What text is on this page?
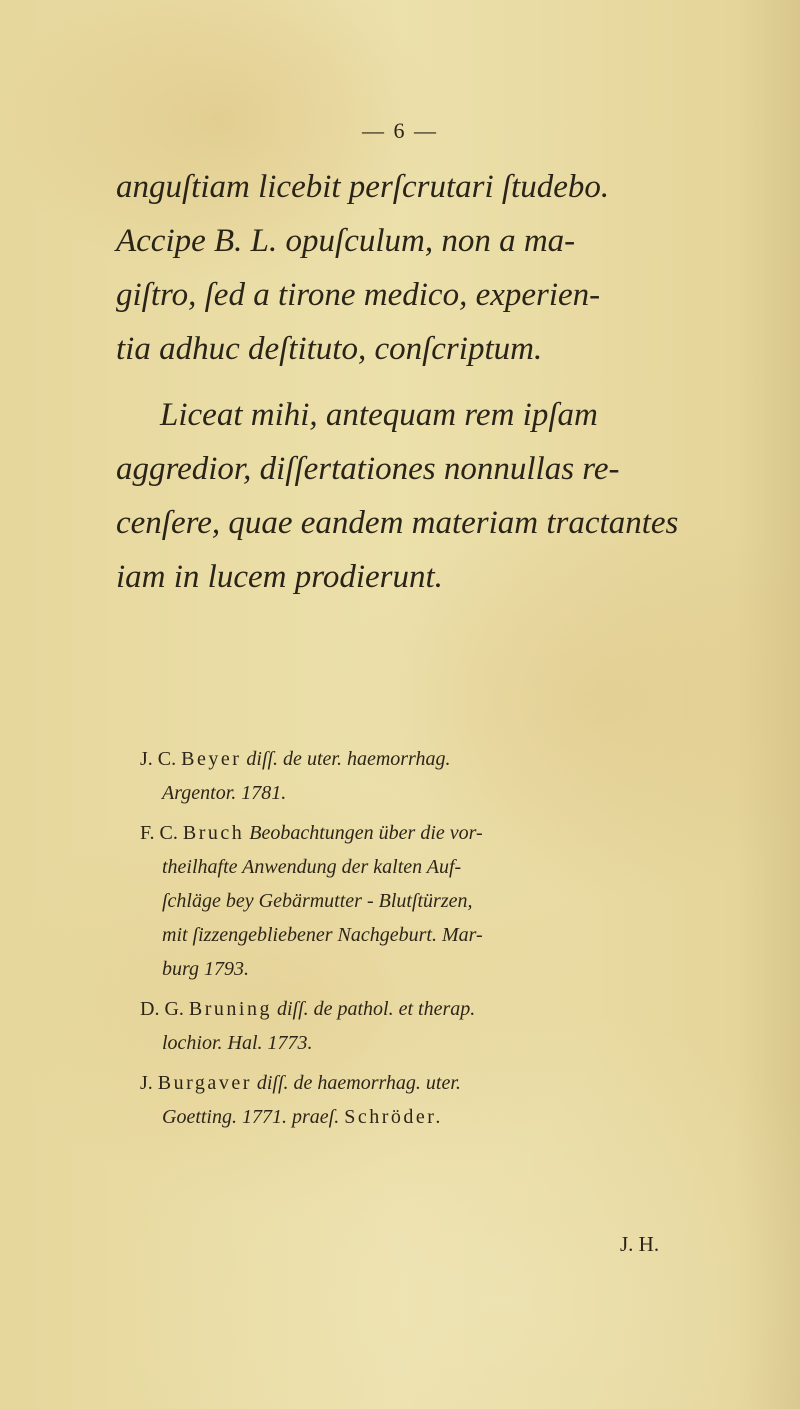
— 6 —
anguſtiam licebit perſcrutari ſtudebo.
Accipe B. L. opuſculum, non a ma-
giſtro, ſed a tirone medico, experien-
tia adhuc deſtituto, conſcriptum.
Liceat mihi, antequam rem ipſam
aggredior, diſſertationes nonnullas re-
cenſere, quae eandem materiam tractantes
iam in lucem prodierunt.
J. C. Beyer diſſ. de uter. haemorrhag.
Argentor. 1781.
F. C. Bruch Beobachtungen über die vor-
theilhafte Anwendung der kalten Auf-
ſchläge bey Gebärmutter - Blutſtürzen,
mit ſizzengebliebener Nachgeburt. Mar-
burg 1793.
D. G. Bruning diſſ. de pathol. et therap.
lochior. Hal. 1773.
J. Burgaver diſſ. de haemorrhag. uter.
Goetting. 1771. praeſ. Schröder.
J. H.
